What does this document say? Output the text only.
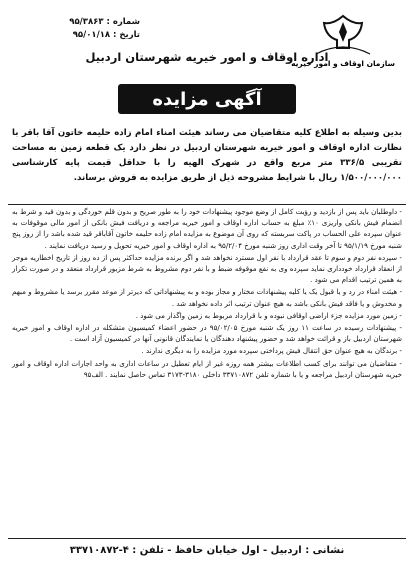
شماره : ۹۵/۳۸۶۳
تاریخ : ۹۵/۰۱/۱۸
سازمان اوقاف و امور خیریه
اداره اوقاف و امور خیریه شهرستان اردبیل
آگهی مزایده
بدین وسیله به اطلاع کلیه متقاضیان می رساند هیئت امناء امام زاده حلیمه خاتون آقا باقر با نظارت اداره اوقاف و امور خیریه شهرستان اردبیل در نظر دارد یک قطعه زمین به مساحت تقریبی ۳۳۶/۵ متر مربع واقع در شهرک الهیه را با حداقل قیمت پایه کارشناسی ۱/۵۰۰/۰۰۰/۰۰۰ ریال با شرایط مشروحه ذیل از طریق مزایده به فروش برساند.

- داوطلبان باید پس از بازدید و رؤیت کامل از وضع موجود پیشنهادات خود را به طور صریح و بدون قلم خوردگی و بدون قید و شرط به انضمام فیش بانکی واریزی ۱۰٪ مبلغ به حساب اداره اوقاف و امور خیریه مراجعه و دریافت فیش بانکی از امور مالی موقوفات به عنوان سپرده علی الحساب در پاکت سربسته که روی آن موضوع به مزایده امام زاده حلیمه خاتون آقاباقر قید شده باشد را از روز پنج شنبه مورخ ۹۵/۱/۱۹ تا آخر وقت اداری روز شنبه مورخ ۹۵/۲/۰۴ به اداره اوقاف و امور خیریه تحویل و رسید دریافت نمایند .

- سپرده نفر دوم و سوم تا عقد قرارداد با نفر اول مسترد نخواهد شد و اگر برنده مزایده حداکثر پس از ده روز از تاریخ اخطاریه موجر از انعقاد قرارداد خودداری نماید سپرده وی به نفع موقوفه ضبط و با نفر دوم مشروط به شرط مزبور قرارداد منعقد و در صورت تکرار به همین ترتیب اقدام می شود .

- هیئت امناء در رد و یا قبول یک یا کلیه پیشنهادات مختار و مجاز بوده و به پیشنهاداتی که دیرتر از موعد مقرر برسد یا مشروط و مبهم و مخدوش و یا فاقد فیش بانکی باشد به هیچ عنوان ترتیب اثر داده نخواهد شد .

- زمین مورد مزایده جزء اراضی اوقافی نبوده و با قرارداد مربوط به زمین واگذار می شود .

- پیشنهادات رسیده در ساعت ۱۱ روز یک شنبه مورخ ۹۵/۰۲/۰۵ در حضور اعضاء کمیسیون متشکله در اداره اوقاف و امور خیریه شهرستان اردبیل باز و قرائت خواهد شد و حضور پیشنهاد دهندگان یا نمایندگان قانونی آنها در کمیسیون آزاد است .

- برندگان به هیچ عنوان حق انتقال فیش پرداختی سپرده مورد مزایده را به دیگری ندارند .

- متقاضیان می توانند برای کسب اطلاعات بیشتر همه روزه غیر از ایام تعطیل در ساعات اداری به واحد اجارات اداره اوقاف و امور خیریه شهرستان اردبیل مراجعه و یا با شماره تلفن ۳۳۷۱۰۸۷۲ داخلی ۳۱۸۰-۳۱۷۳ تماس حاصل نمایند . الف۹۵

نشانی : اردبیل - اول خیابان حافظ - تلفن : ۴-۳۳۷۱۰۸۷۲
